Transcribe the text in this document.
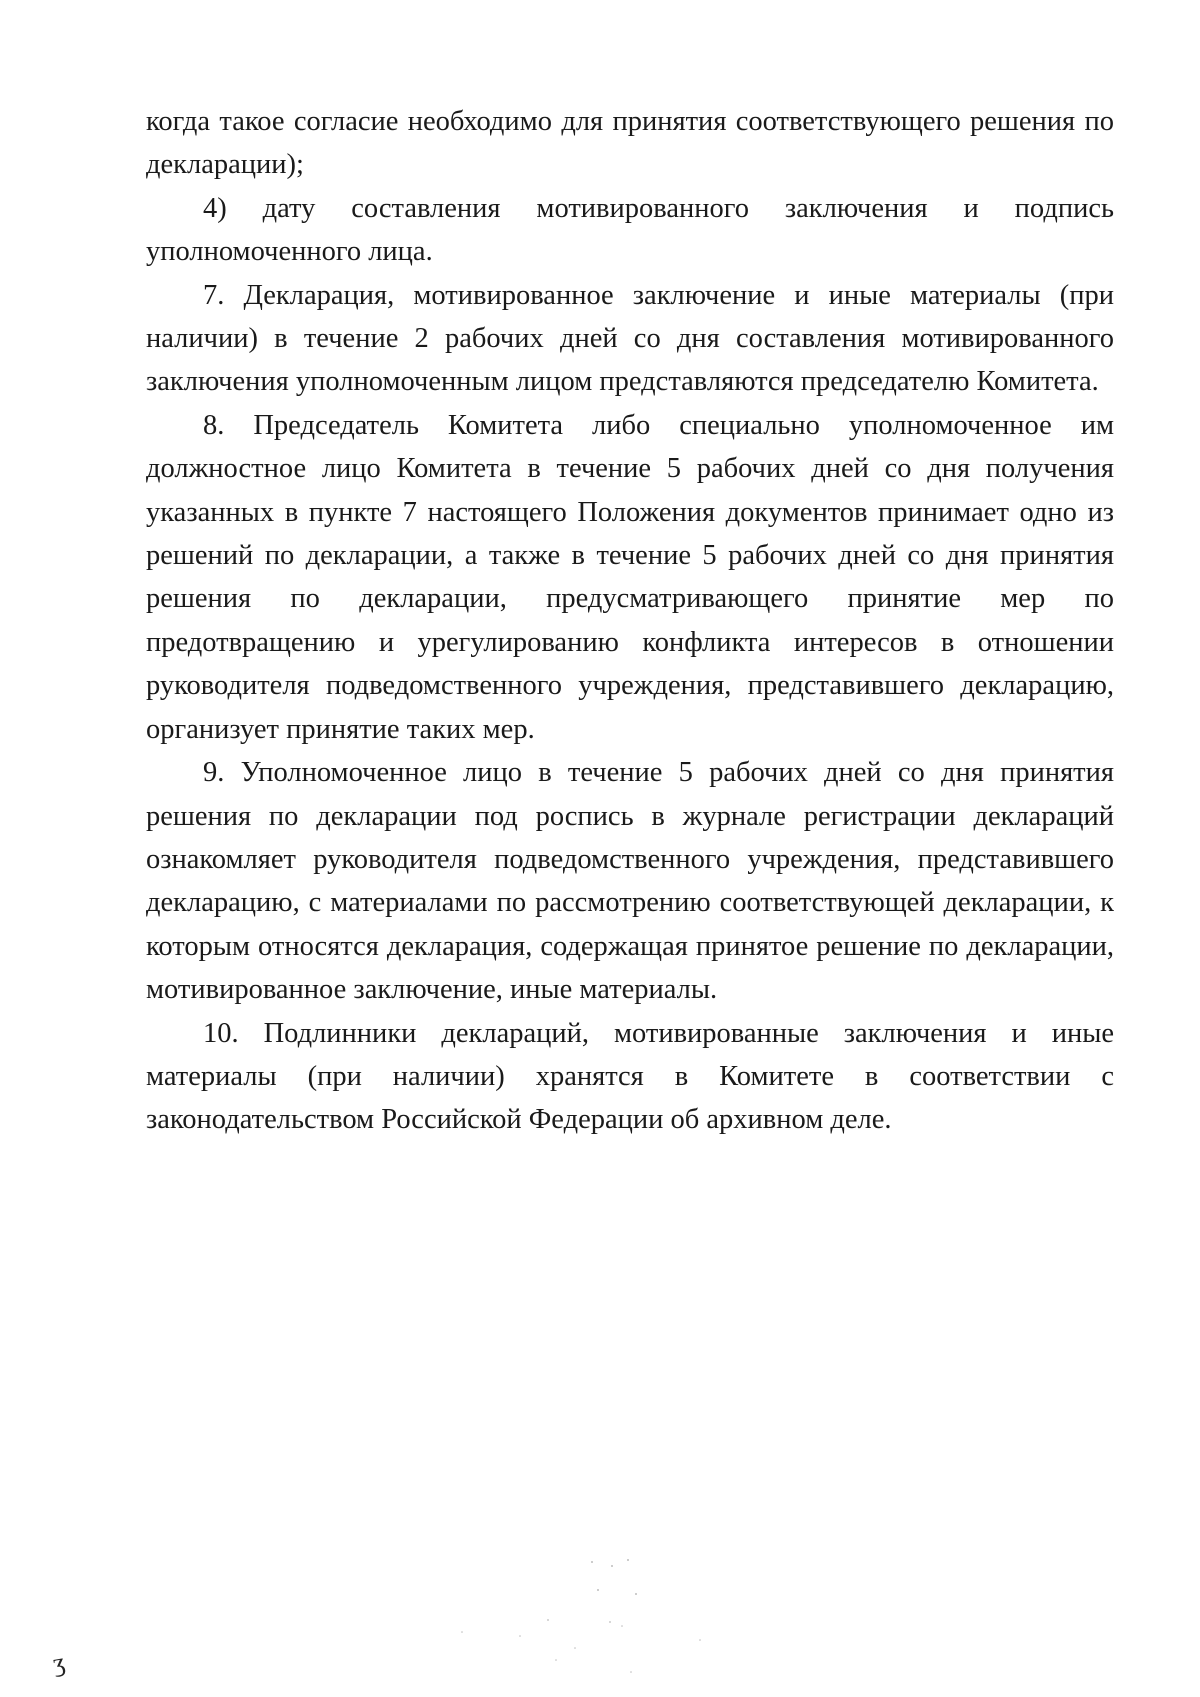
когда такое согласие необходимо для принятия соответствующего решения по декларации);

4) дату составления мотивированного заключения и подпись уполномоченного лица.

7. Декларация, мотивированное заключение и иные материалы (при наличии) в течение 2 рабочих дней со дня составления мотивированного заключения уполномоченным лицом представляются председателю Комитета.

8. Председатель Комитета либо специально уполномоченное им должностное лицо Комитета в течение 5 рабочих дней со дня получения указанных в пункте 7 настоящего Положения документов принимает одно из решений по декларации, а также в течение 5 рабочих дней со дня принятия решения по декларации, предусматривающего принятие мер по предотвращению и урегулированию конфликта интересов в отношении руководителя подведомственного учреждения, представившего декларацию, организует принятие таких мер.

9. Уполномоченное лицо в течение 5 рабочих дней со дня принятия решения по декларации под роспись в журнале регистрации деклараций ознакомляет руководителя подведомственного учреждения, представившего декларацию, с материалами по рассмотрению соответствующей декларации, к которым относятся декларация, содержащая принятое решение по декларации, мотивированное заключение, иные материалы.

10. Подлинники деклараций, мотивированные заключения и иные материалы (при наличии) хранятся в Комитете в соответствии с законодательством Российской Федерации об архивном деле.

ʒ
